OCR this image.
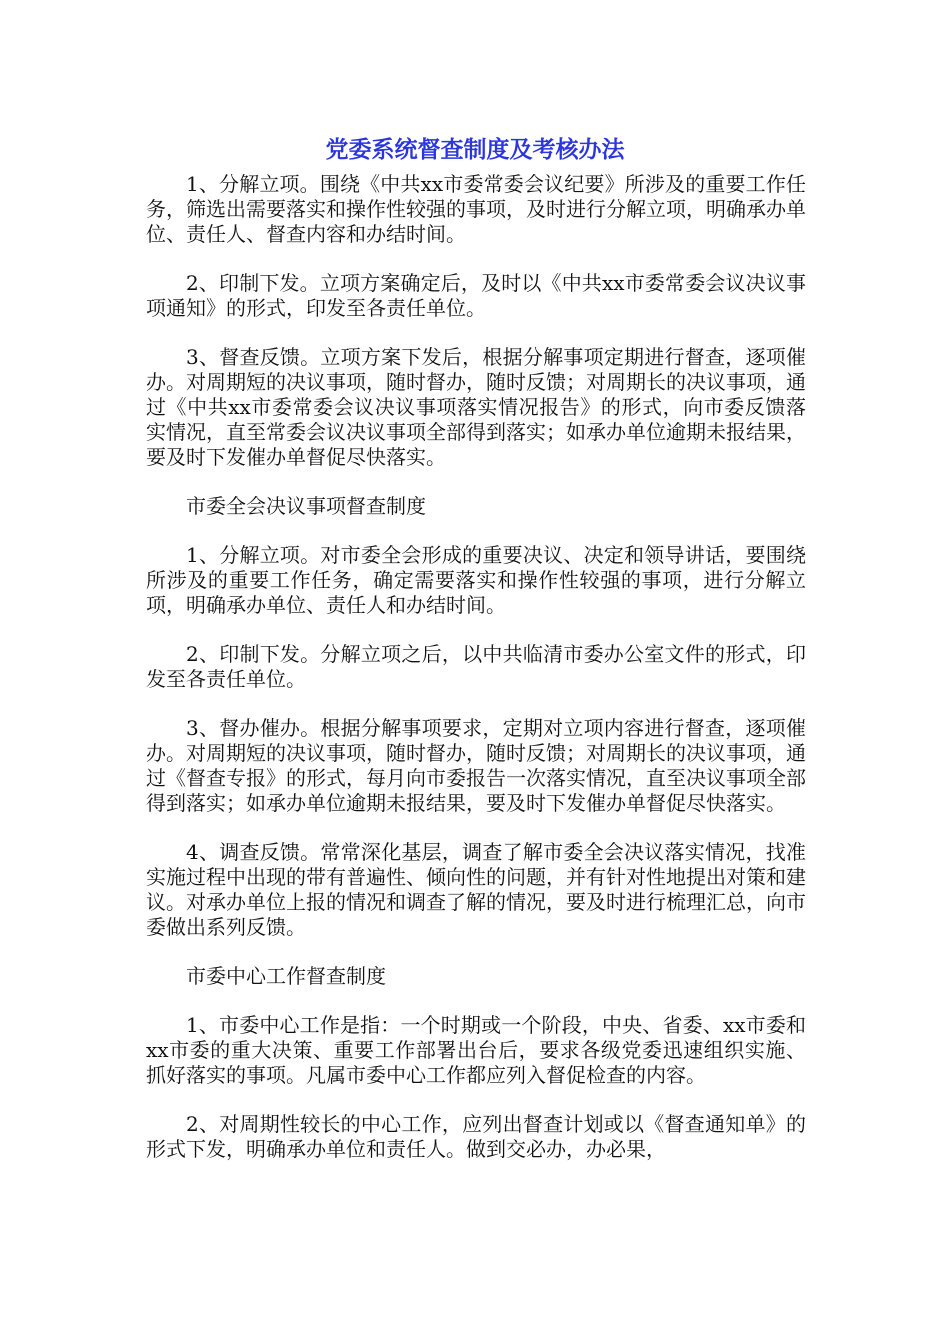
党委系统督查制度及考核办法

1、分解立项。围绕《中共xx市委常委会议纪要》所涉及的重要工作任务，筛选出需要落实和操作性较强的事项，及时进行分解立项，明确承办单位、责任人、督查内容和办结时间。

2、印制下发。立项方案确定后，及时以《中共xx市委常委会议决议事项通知》的形式，印发至各责任单位。

3、督查反馈。立项方案下发后，根据分解事项定期进行督查，逐项催办。对周期短的决议事项，随时督办，随时反馈；对周期长的决议事项，通过《中共xx市委常委会议决议事项落实情况报告》的形式，向市委反馈落实情况，直至常委会议决议事项全部得到落实；如承办单位逾期未报结果，要及时下发催办单督促尽快落实。

市委全会决议事项督查制度

1、分解立项。对市委全会形成的重要决议、决定和领导讲话，要围绕所涉及的重要工作任务，确定需要落实和操作性较强的事项，进行分解立项，明确承办单位、责任人和办结时间。

2、印制下发。分解立项之后，以中共临清市委办公室文件的形式，印发至各责任单位。

3、督办催办。根据分解事项要求，定期对立项内容进行督查，逐项催办。对周期短的决议事项，随时督办，随时反馈；对周期长的决议事项，通过《督查专报》的形式，每月向市委报告一次落实情况，直至决议事项全部得到落实；如承办单位逾期未报结果，要及时下发催办单督促尽快落实。

4、调查反馈。常常深化基层，调查了解市委全会决议落实情况，找准实施过程中出现的带有普遍性、倾向性的问题，并有针对性地提出对策和建议。对承办单位上报的情况和调查了解的情况，要及时进行梳理汇总，向市委做出系列反馈。

市委中心工作督查制度

1、市委中心工作是指：一个时期或一个阶段，中央、省委、xx市委和xx市委的重大决策、重要工作部署出台后，要求各级党委迅速组织实施、抓好落实的事项。凡属市委中心工作都应列入督促检查的内容。

2、对周期性较长的中心工作，应列出督查计划或以《督查通知单》的形式下发，明确承办单位和责任人。做到交必办，办必果，
